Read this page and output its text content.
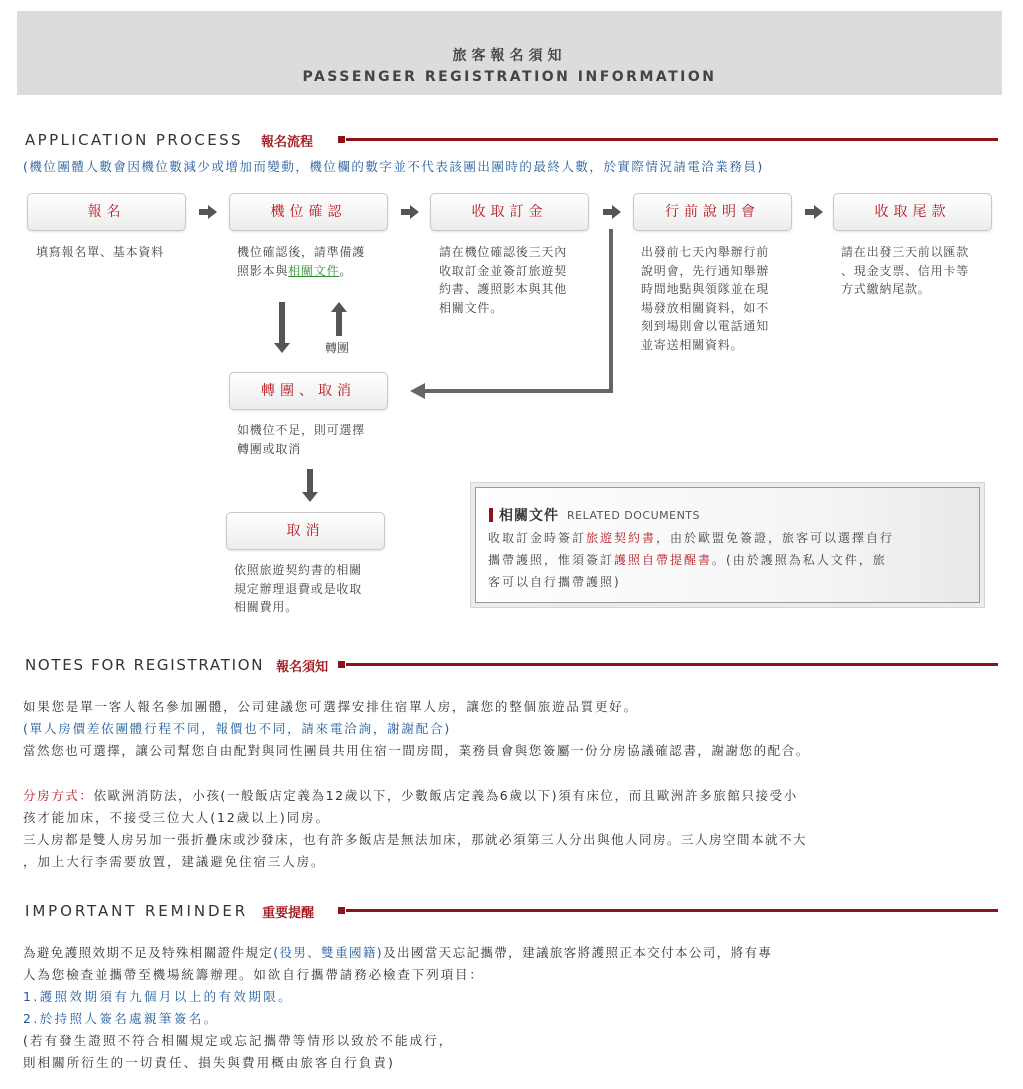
旅客報名須知
PASSENGER REGISTRATION INFORMATION
APPLICATION PROCESS 報名流程
(機位團體人數會因機位數減少或增加而變動，機位欄的數字並不代表該團出團時的最終人數，於實際情況請電洽業務員)
報名	機位確認	收取訂金	行前說明會	收取尾款
填寫報名單、基本資料	機位確認後，請準備護
照影本與相關文件。
請在機位確認後三天內
收取訂金並簽訂旅遊契
約書、護照影本與其他
相關文件。
出發前七天內舉辦行前
說明會，先行通知舉辦
時間地點與領隊並在現
場發放相關資料，如不
刻到場則會以電話通知
並寄送相關資料。
請在出發三天前以匯款
、現金支票、信用卡等
方式繳納尾款。
轉團
轉團、取消
如機位不足，則可選擇
轉團或取消
取消
依照旅遊契約書的相關
規定辦理退費或是收取
相關費用。
相關文件 RELATED DOCUMENTS
收取訂金時簽訂旅遊契約書，由於歐盟免簽證，旅客可以選擇自行
攜帶護照，惟須簽訂護照自帶提醒書。(由於護照為私人文件，旅
客可以自行攜帶護照)
NOTES FOR REGISTRATION 報名須知
如果您是單一客人報名參加團體，公司建議您可選擇安排住宿單人房，讓您的整個旅遊品質更好。
(單人房價差依團體行程不同，報價也不同，請來電洽詢，謝謝配合)
當然您也可選擇，讓公司幫您自由配對與同性團員共用住宿一間房間，業務員會與您簽屬一份分房協議確認書，謝謝您的配合。
分房方式：依歐洲消防法，小孩(一般飯店定義為12歲以下，少數飯店定義為6歲以下)須有床位，而且歐洲許多旅館只接受小
孩才能加床，不接受三位大人(12歲以上)同房。
三人房都是雙人房另加一張折疊床或沙發床，也有許多飯店是無法加床，那就必須第三人分出與他人同房。三人房空間本就不大
，加上大行李需要放置，建議避免住宿三人房。
IMPORTANT REMINDER 重要提醒
為避免護照效期不足及特殊相關證件規定(役男、雙重國籍)及出國當天忘記攜帶，建議旅客將護照正本交付本公司，將有專
人為您檢查並攜帶至機場統籌辦理。如欲自行攜帶請務必檢查下列項目：
1.護照效期須有九個月以上的有效期限。
2.於持照人簽名處親筆簽名。
(若有發生證照不符合相關規定或忘記攜帶等情形以致於不能成行，
則相關所衍生的一切責任、損失與費用概由旅客自行負責)
